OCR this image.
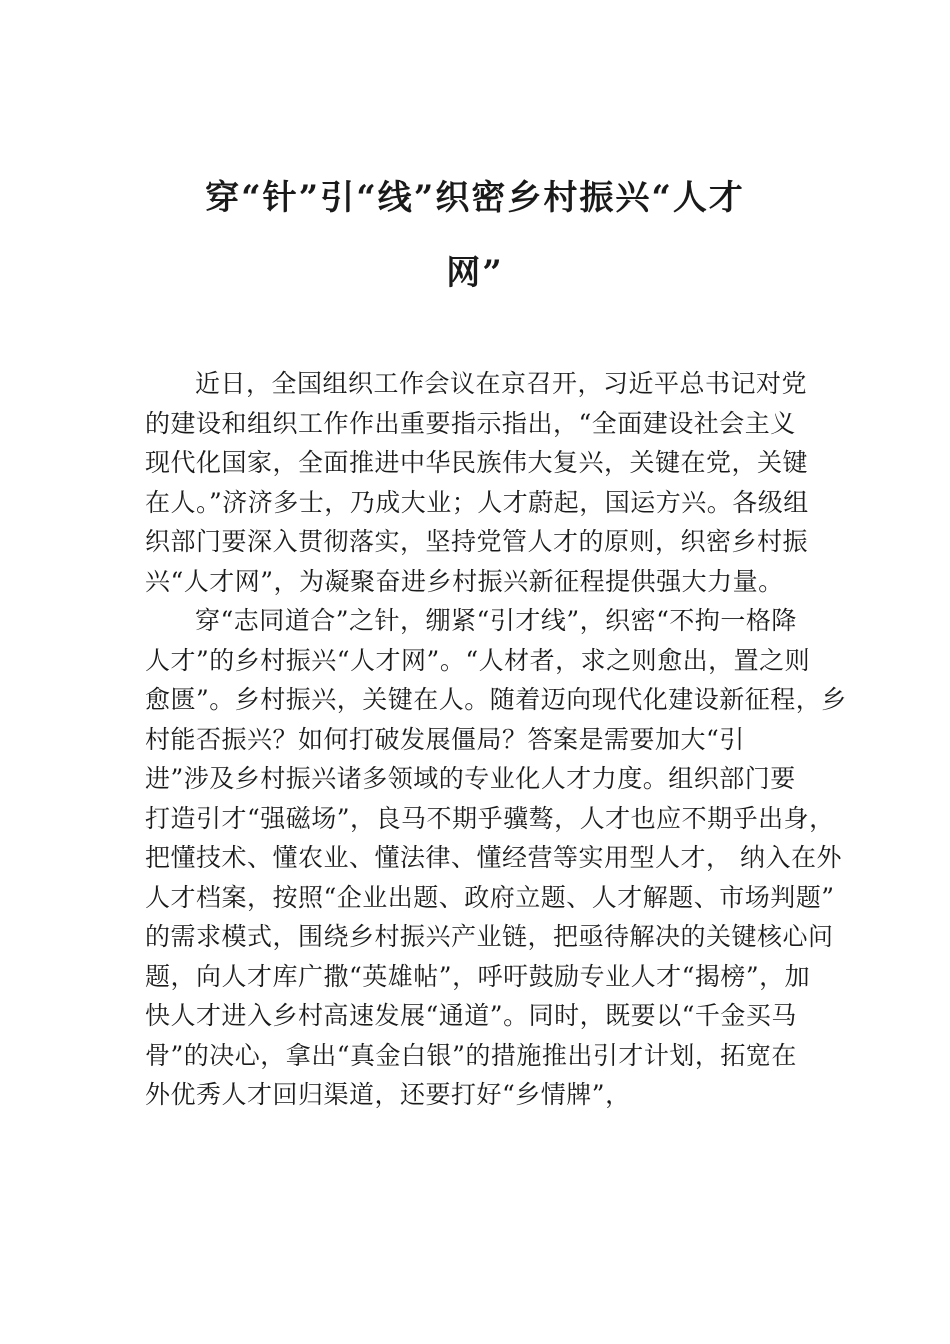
穿“针”引“线”织密乡村振兴“人才
网”
近日，全国组织工作会议在京召开，习近平总书记对党
的建设和组织工作作出重要指示指出，“全面建设社会主义
现代化国家，全面推进中华民族伟大复兴，关键在党，关键
在人。”济济多士，乃成大业；人才蔚起，国运方兴。各级组
织部门要深入贯彻落实，坚持党管人才的原则，织密乡村振
兴“人才网”，为凝聚奋进乡村振兴新征程提供强大力量。
穿“志同道合”之针，绷紧“引才线”，织密“不拘一格降
人才”的乡村振兴“人才网”。“人材者，求之则愈出，置之则
愈匮”。乡村振兴，关键在人。随着迈向现代化建设新征程，乡
村能否振兴？如何打破发展僵局？答案是需要加大“引
进”涉及乡村振兴诸多领域的专业化人才力度。组织部门要
打造引才“强磁场”，良马不期乎骥骜，人才也应不期乎出身，
把懂技术、懂农业、懂法律、懂经营等实用型人才， 纳入在外
人才档案，按照“企业出题、政府立题、人才解题、市场判题”
的需求模式，围绕乡村振兴产业链，把亟待解决的关键核心问
题，向人才库广撒“英雄帖”，呼吁鼓励专业人才“揭榜”，加
快人才进入乡村高速发展“通道”。同时，既要以“千金买马
骨”的决心，拿出“真金白银”的措施推出引才计划，拓宽在
外优秀人才回归渠道，还要打好“乡情牌”，
